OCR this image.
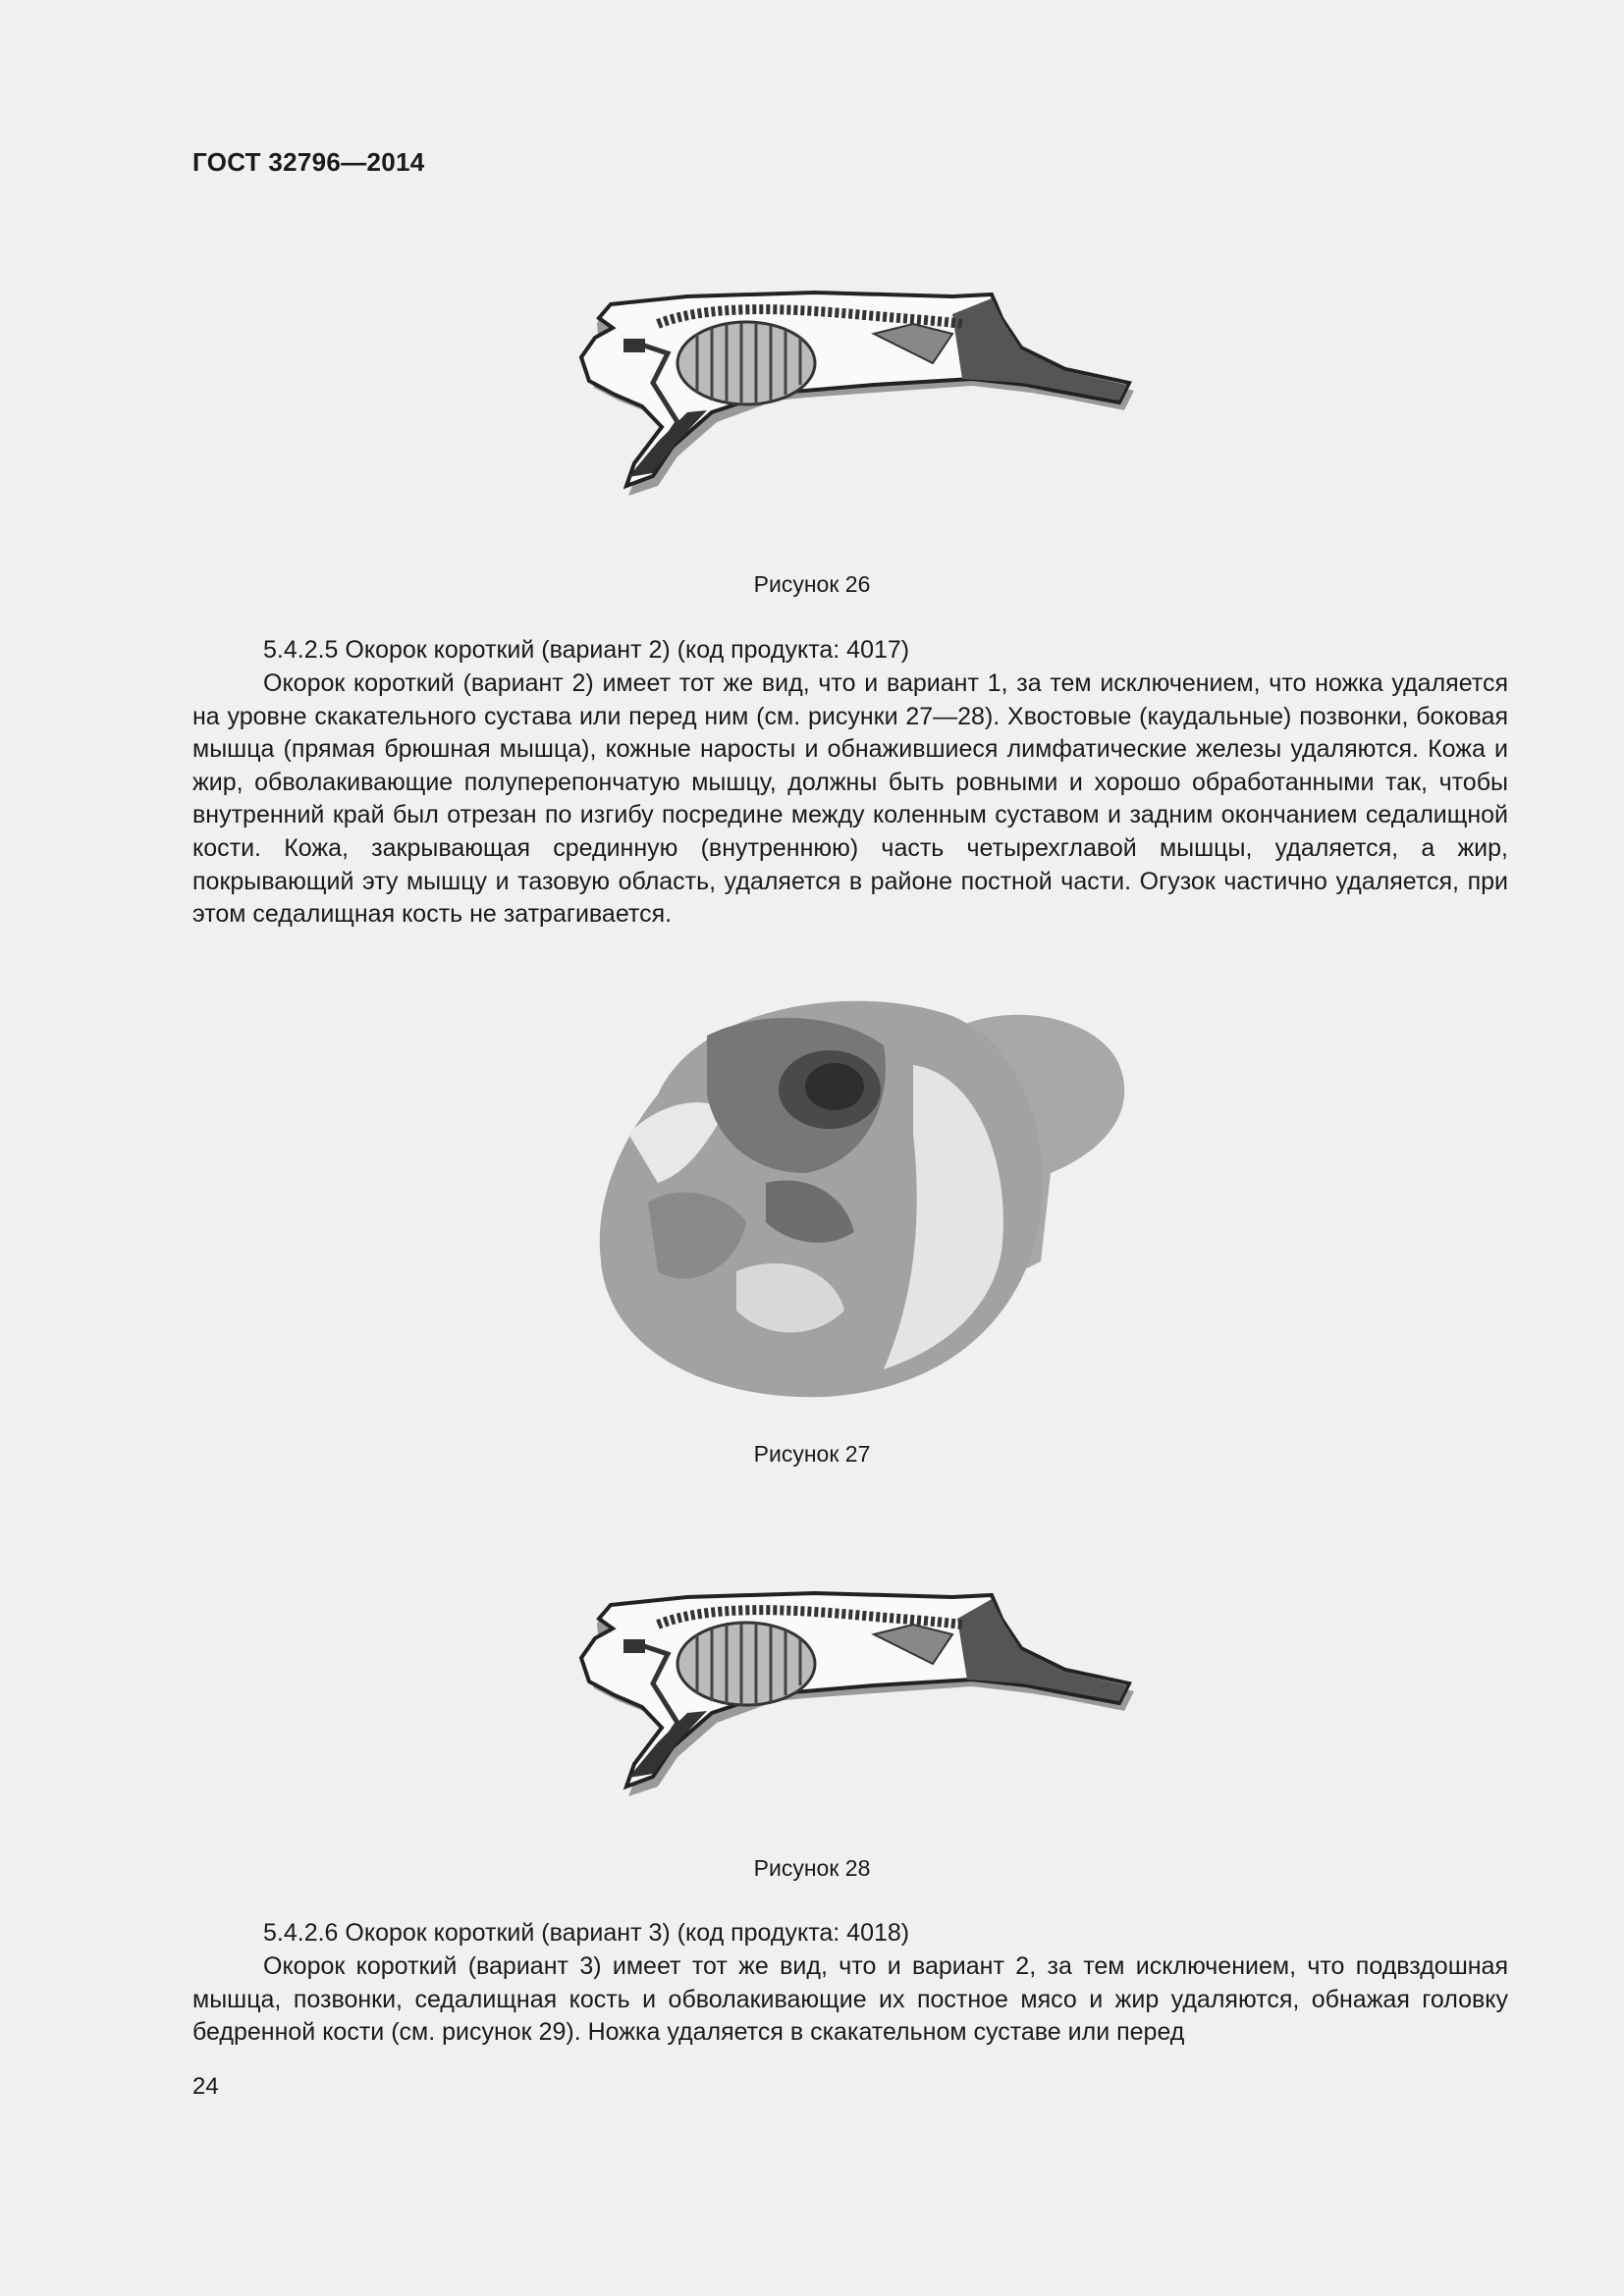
ГОСТ 32796—2014
Рисунок 26
5.4.2.5 Окорок короткий (вариант 2) (код продукта: 4017)

Окорок короткий (вариант 2) имеет тот же вид, что и вариант 1, за тем исключением, что ножка удаляется на уровне скакательного сустава или перед ним (см. рисунки 27—28). Хвостовые (каудальные) позвонки, боковая мышца (прямая брюшная мышца), кожные наросты и обнажившиеся лимфатические железы удаляются. Кожа и жир, обволакивающие полуперепончатую мышцу, должны быть ровными и хорошо обработанными так, чтобы внутренний край был отрезан по изгибу посредине между коленным суставом и задним окончанием седалищной кости. Кожа, закрывающая срединную (внутреннюю) часть четырехглавой мышцы, удаляется, а жир, покрывающий эту мышцу и тазовую область, удаляется в районе постной части. Огузок частично удаляется, при этом седалищная кость не затрагивается.

Рисунок 27
Рисунок 28
5.4.2.6 Окорок короткий (вариант 3) (код продукта: 4018)

Окорок короткий (вариант 3) имеет тот же вид, что и вариант 2, за тем исключением, что подвздошная мышца, позвонки, седалищная кость и обволакивающие их постное мясо и жир удаляются, обнажая головку бедренной кости (см. рисунок 29). Ножка удаляется в скакательном суставе или перед

24
